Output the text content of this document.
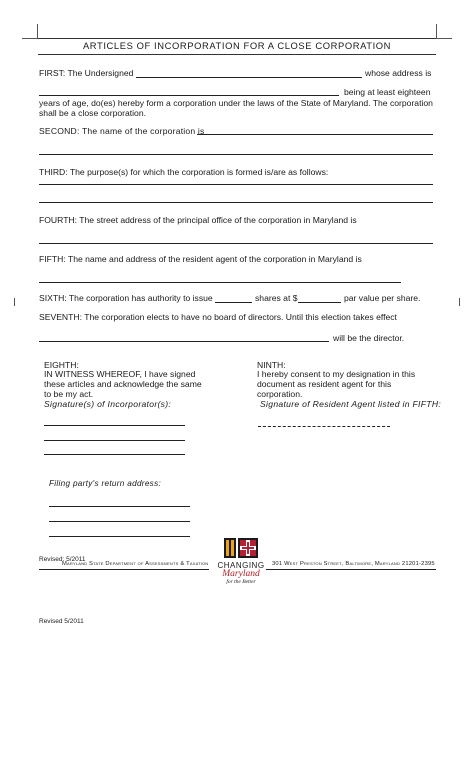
ARTICLES OF INCORPORATION FOR A CLOSE CORPORATION
FIRST: The Undersigned	whose address is
being at least eighteen
years of age, do(es) hereby form a corporation under the laws of the State of Maryland. The corporation
shall be a close corporation.
SECOND: The name of the corporation is
THIRD: The purpose(s) for which the corporation is formed is/are as follows:
FOURTH: The street address of the principal office of the corporation in Maryland is
FIFTH: The name and address of the resident agent of the corporation in Maryland is
SIXTH: The corporation has authority to issue	shares at $	par value per share.
SEVENTH: The corporation elects to have no board of directors. Until this election takes effect
will be the director.
EIGHTH:
IN WITNESS WHEREOF, I have signed
these articles and acknowledge the same
to be my act.
Signature(s) of Incorporator(s):
NINTH:
I hereby consent to my designation in this
document as resident agent for this
corporation.
Signature of Resident Agent listed in FIFTH:
Filing party's return address:
Revised: 5/2011
Maryland State Department of Assessments & Taxation	301 West Preston Street, Baltimore, Maryland 21201-2395
CHANGING
Maryland
for the Better
Revised 5/2011
